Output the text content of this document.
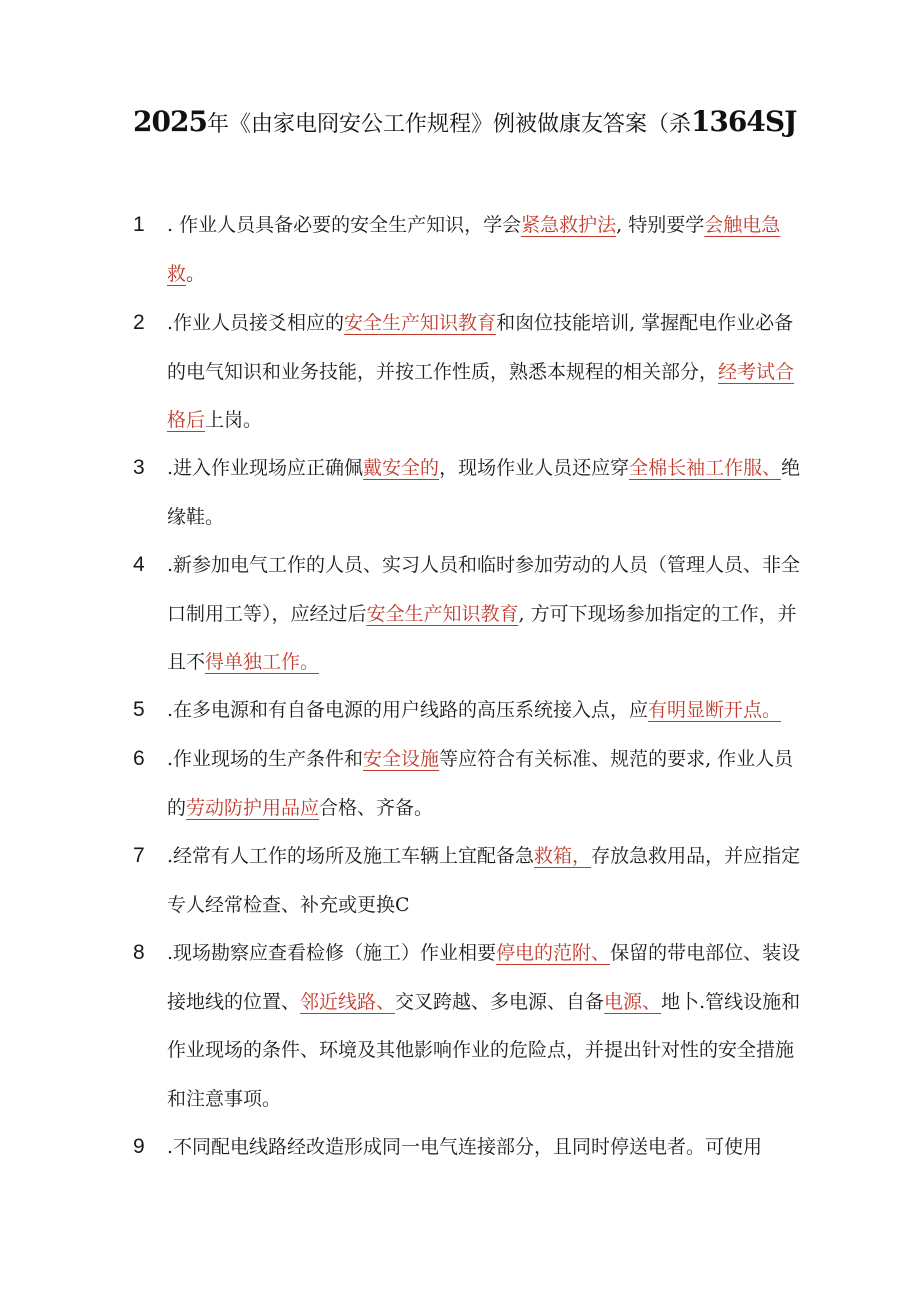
2025年《由家电冏安公工作规程》例被做康友答案（杀1364SJ
1	. 作业人员具备必要的安全生产知识，学会紧急救护法, 特别要学会触电急救。
2	.作业人员接爻相应的安全生产知识教育和囱位技能培训, 掌握配电作业必备的电气知识和业务技能，并按工作性质，熟悉本规程的相关部分，经考试合格后上岗。
3	.进入作业现场应正确佩戴安全的，现场作业人员还应穿全棉长袖工作服、绝缘鞋。
4	.新参加电气工作的人员、实习人员和临时参加劳动的人员（管理人员、非全口制用工等），应经过后安全生产知识教育, 方可下现场参加指定的工作，并且不得单独工作。
5	.在多电源和有自备电源的用户线路的高压系统接入点，应有明显断开点。
6	.作业现场的生产条件和安全设施等应符合有关标准、规范的要求, 作业人员的劳动防护用品应合格、齐备。
7	.经常有人工作的场所及施工车辆上宜配备急救箱，存放急救用品，并应指定专人经常检查、补充或更换C
8	.现场勘察应查看检修（施工）作业相要停电的范附、保留的带电部位、装设接地线的位置、邻近线路、交叉跨越、多电源、自备电源、地卜.管线设施和作业现场的条件、环境及其他影响作业的危险点，并提出针对性的安全措施和注意事项。
9	.不同配电线路经改造形成同一电气连接部分，且同时停送电者。可使用
